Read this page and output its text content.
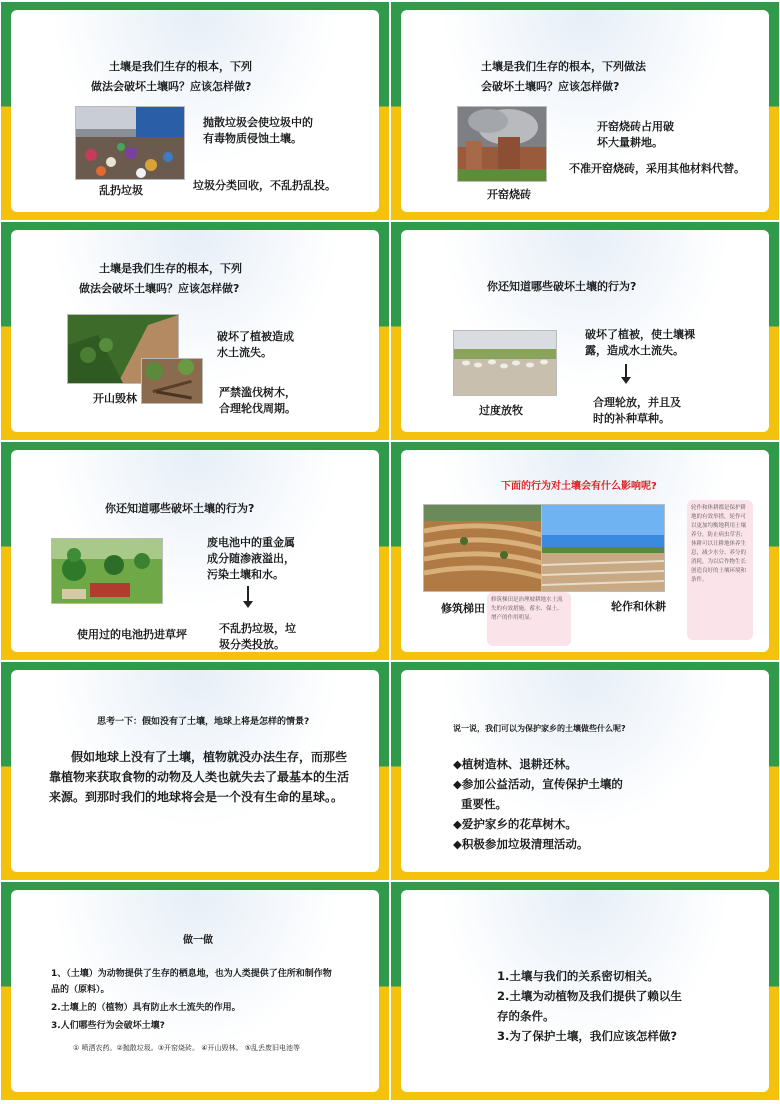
土壤是我们生存的根本，下列
做法会破坏土壤吗？应该怎样做?
抛散垃圾会使垃圾中的
有毒物质侵蚀土壤。
乱扔垃圾	垃圾分类回收，不乱扔乱投。
土壤是我们生存的根本，下列做法
会破坏土壤吗？应该怎样做?
开窑烧砖占用破
坏大量耕地。
不准开窑烧砖，采用其他材料代替。
开窑烧砖
土壤是我们生存的根本，下列
做法会破坏土壤吗？应该怎样做?
破坏了植被造成
水土流失。
开山毁林	严禁滥伐树木，
合理轮伐周期。
你还知道哪些破坏土壤的行为?
破坏了植被，使土壤裸
露，造成水土流失。
合理轮放，并且及
时的补种草种。
过度放牧
你还知道哪些破坏土壤的行为?
废电池中的重金属
成分随渗液溢出，
污染土壤和水。
不乱扔垃圾，垃
圾分类投放。
使用过的电池扔进草坪
下面的行为对土壤会有什么影响呢?
修筑梯田是治理坡耕地水土流失的有效措施，蓄水、保土、增产的作用明显。
轮作和休耕都是保护耕地的有效举措，轮作可以更加均衡地利用土壤养分，防止病虫草害；休耕可以让耕地休养生息，减少水分、养分的消耗，为以后作物生长创造良好的土壤环境和条件。
修筑梯田	轮作和休耕
思考一下：假如没有了土壤，地球上将是怎样的情景?
假如地球上没有了土壤，植物就没办法生存，而那些
靠植物来获取食物的动物及人类也就失去了最基本的生活
来源。到那时我们的地球将会是一个没有生命的星球。。
说一说，我们可以为保护家乡的土壤做些什么呢?
◆植树造林、退耕还林。
◆参加公益活动，宣传保护土壤的
重要性。
◆爱护家乡的花草树木。
◆积极参加垃圾清理活动。
做一做
1、（土壤）为动物提供了生存的栖息地，也为人类提供了住所和制作物
品的（原料）。
2.土壤上的（植物）具有防止水土流失的作用。
3.人们哪些行为会破坏土壤?
① 喷洒农药。②抛散垃圾。③开窑烧砖。 ④开山毁林。 ⑤乱丢废旧电池等
1.土壤与我们的关系密切相关。
2.土壤为动植物及我们提供了赖以生
存的条件。
3.为了保护土壤，我们应该怎样做?
